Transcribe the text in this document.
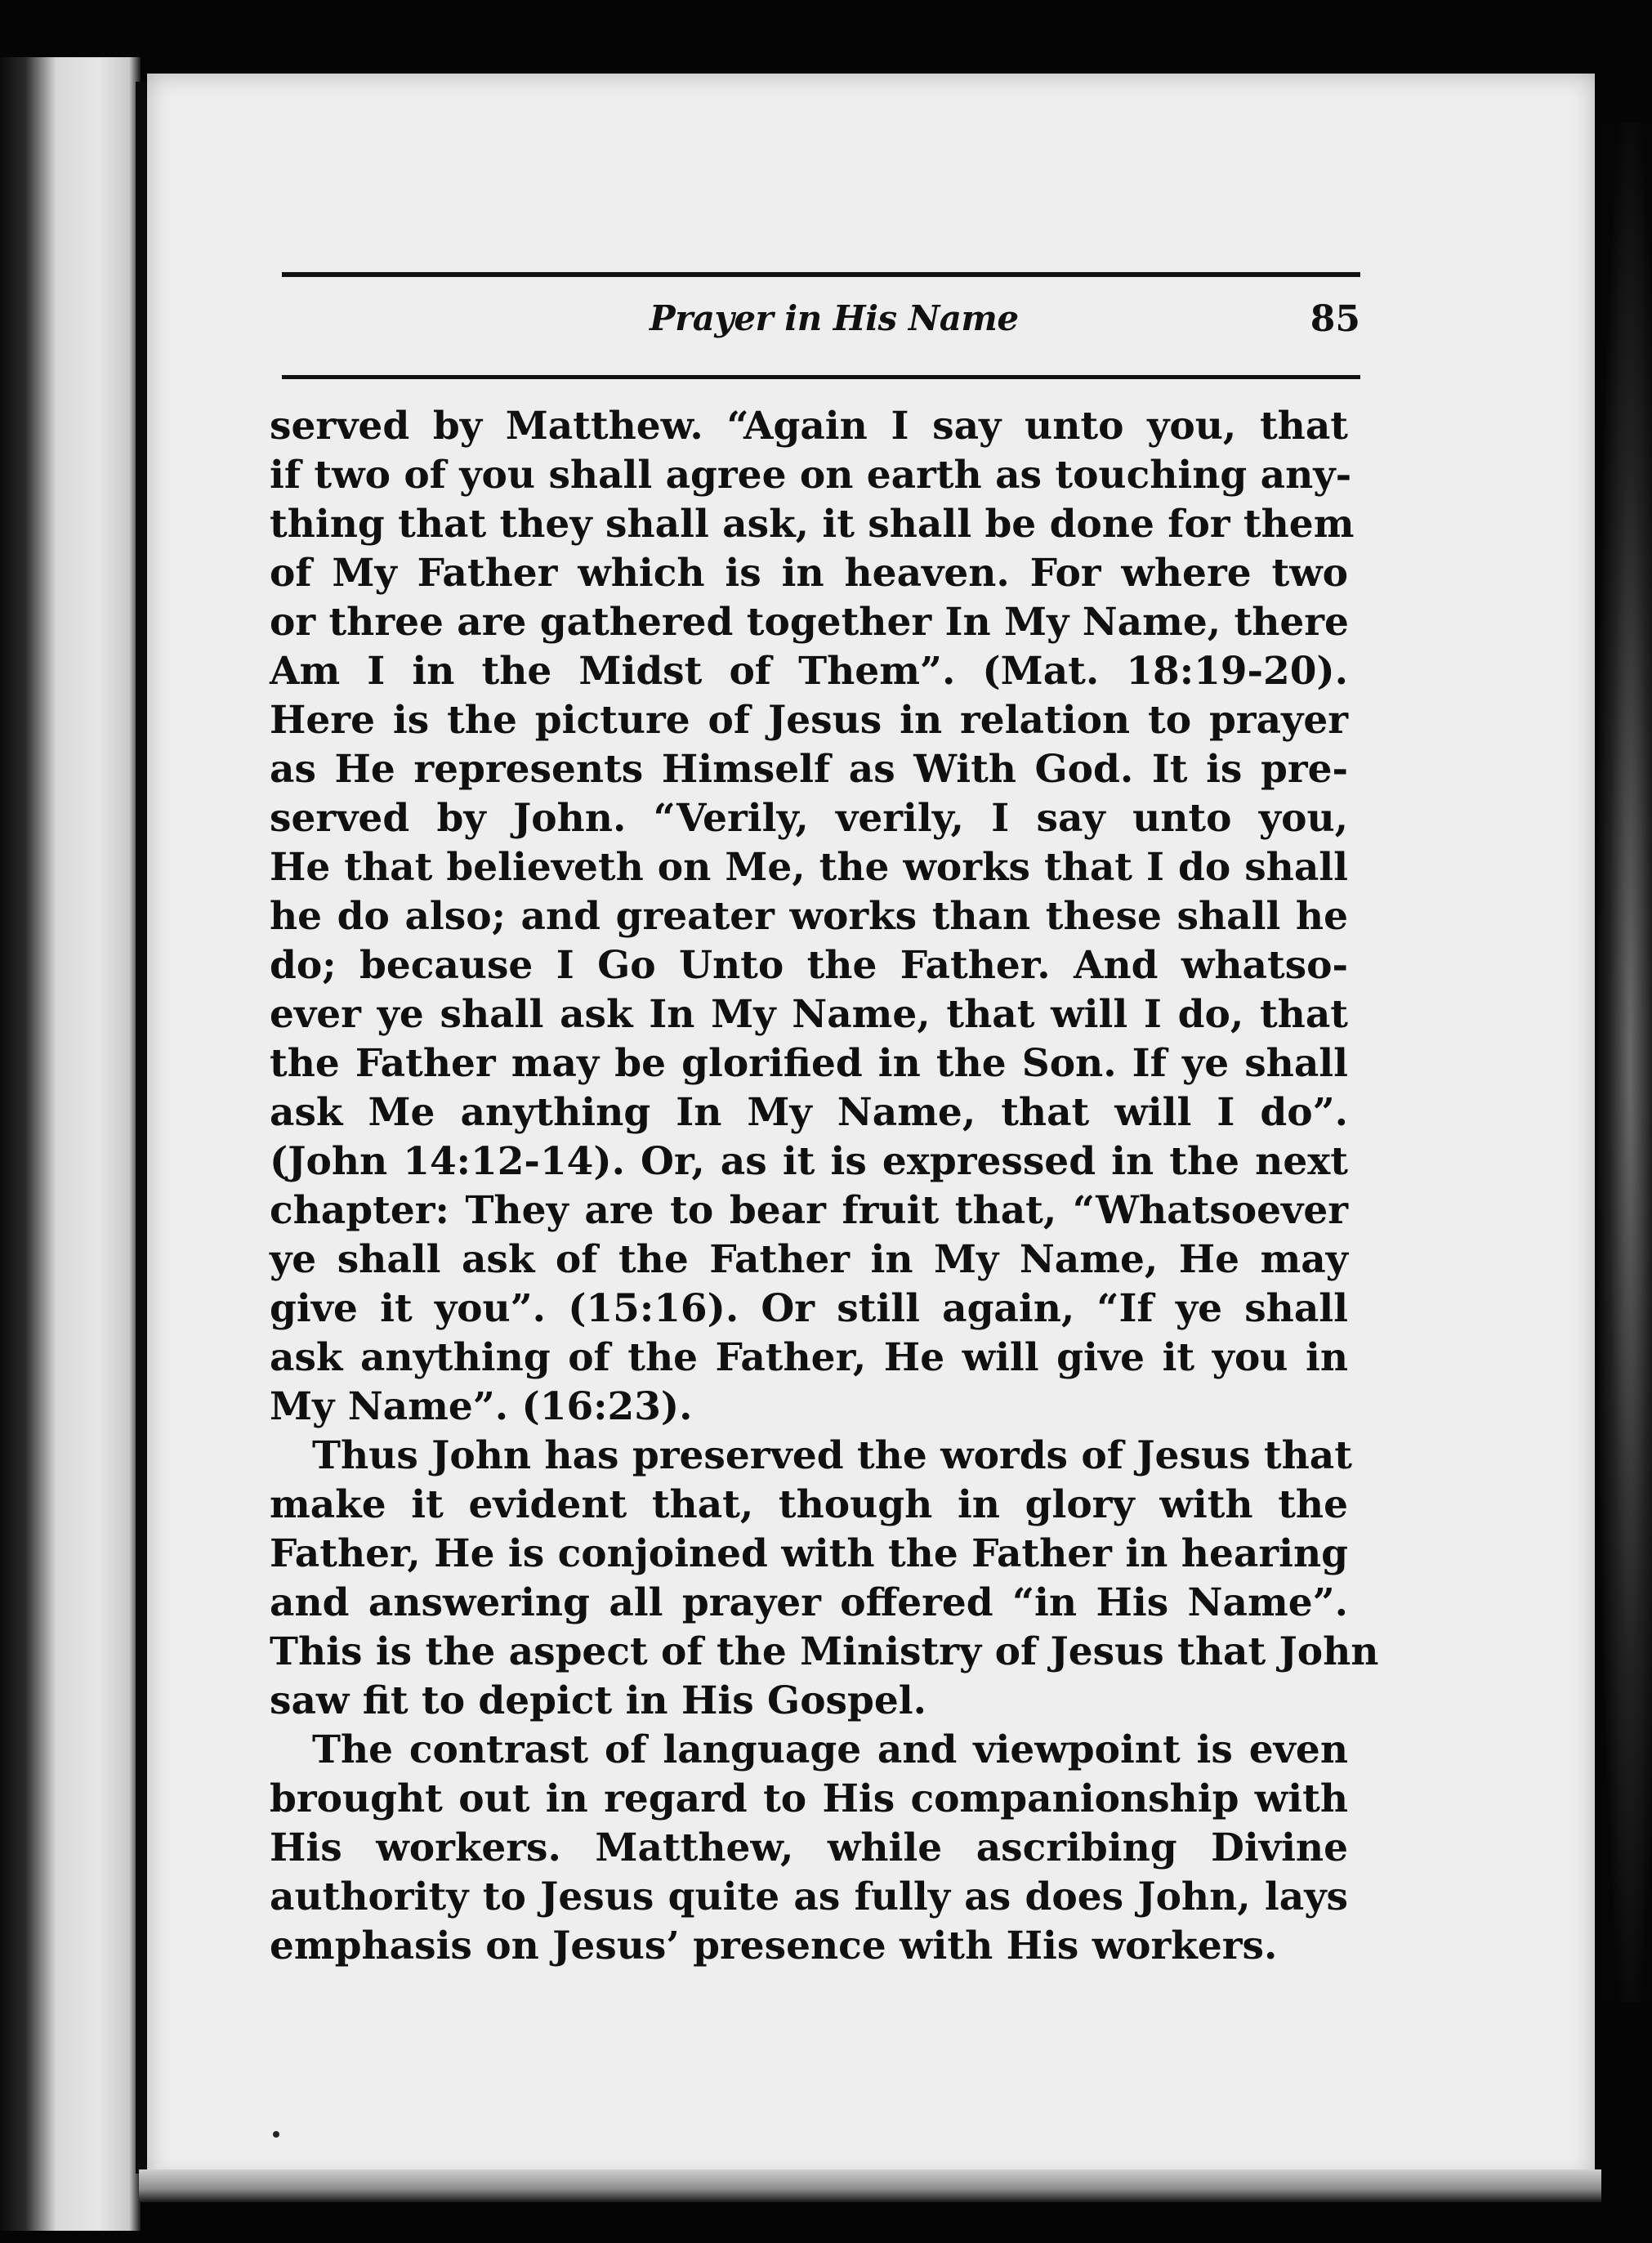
Prayer in His Name	85

served by Matthew. “Again I say unto you, that
if two of you shall agree on earth as touching any-
thing that they shall ask, it shall be done for them
of My Father which is in heaven. For where two
or three are gathered together In My Name, there
Am I in the Midst of Them”. (Mat. 18:19-20).
Here is the picture of Jesus in relation to prayer
as He represents Himself as With God. It is pre-
served by John. “Verily, verily, I say unto you,
He that believeth on Me, the works that I do shall
he do also; and greater works than these shall he
do; because I Go Unto the Father. And whatso-
ever ye shall ask In My Name, that will I do, that
the Father may be glorified in the Son. If ye shall
ask Me anything In My Name, that will I do”.
(John 14:12-14). Or, as it is expressed in the next
chapter: They are to bear fruit that, “Whatsoever
ye shall ask of the Father in My Name, He may
give it you”. (15:16). Or still again, “If ye shall
ask anything of the Father, He will give it you in
My Name”. (16:23).

Thus John has preserved the words of Jesus that
make it evident that, though in glory with the
Father, He is conjoined with the Father in hearing
and answering all prayer offered “in His Name”.
This is the aspect of the Ministry of Jesus that John
saw fit to depict in His Gospel.

The contrast of language and viewpoint is even
brought out in regard to His companionship with
His workers. Matthew, while ascribing Divine
authority to Jesus quite as fully as does John, lays
emphasis on Jesus’ presence with His workers.
